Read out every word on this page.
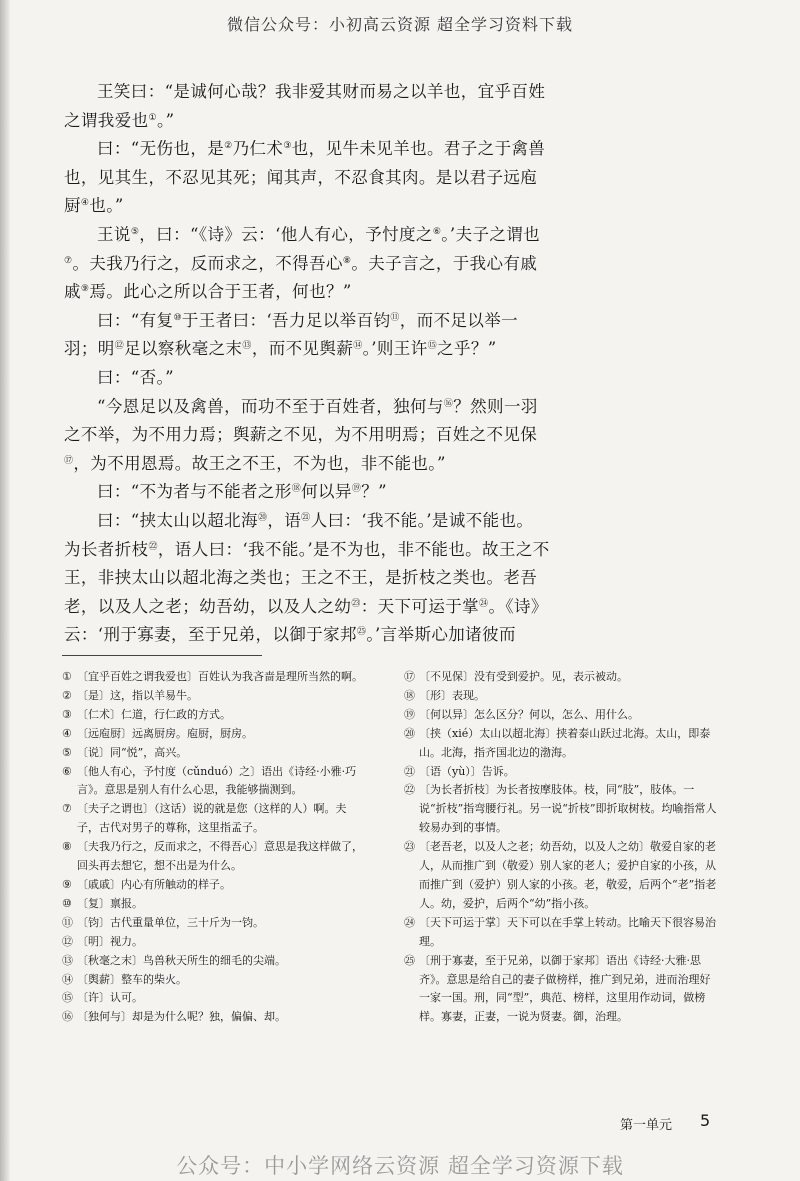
微信公众号：小初高云资源 超全学习资料下载

王笑曰：“是诚何心哉？我非爱其财而易之以羊也，宜乎百姓之谓我爱也①。”

曰：“无伤也，是②乃仁术③也，见牛未见羊也。君子之于禽兽也，见其生，不忍见其死；闻其声，不忍食其肉。是以君子远庖厨④也。”

王说⑤，曰：“《诗》云：‘他人有心，予忖度之⑥。’夫子之谓也⑦。夫我乃行之，反而求之，不得吾心⑧。夫子言之，于我心有戚戚⑨焉。此心之所以合于王者，何也？”

曰：“有复⑩于王者曰：‘吾力足以举百钧⑪，而不足以举一羽；明⑫足以察秋毫之末⑬，而不见舆薪⑭。’则王许⑮之乎？”

曰：“否。”

“今恩足以及禽兽，而功不至于百姓者，独何与⑯？然则一羽之不举，为不用力焉；舆薪之不见，为不用明焉；百姓之不见保⑰，为不用恩焉。故王之不王，不为也，非不能也。”

曰：“不为者与不能者之形⑱何以异⑲？”

曰：“挟太山以超北海⑳，语$^㉑$人曰：‘我不能。’是诚不能也。为长者折枝$^㉒$，语人曰：‘我不能。’是不为也，非不能也。故王之不王，非挟太山以超北海之类也；王之不王，是折枝之类也。老吾老，以及人之老；幼吾幼，以及人之幼$^㉓$：天下可运于掌$^㉔$。《诗》云：‘刑于寡妻，至于兄弟，以御于家邦$^㉕$。’言举斯心加诸彼而

① 〔宜乎百姓之谓我爱也〕百姓认为我吝啬是理所当然的啊。
② 〔是〕这，指以羊易牛。
③ 〔仁术〕仁道，行仁政的方式。
④ 〔远庖厨〕远离厨房。庖厨，厨房。
⑤ 〔说〕同“悦”，高兴。
⑥ 〔他人有心，予忖度（cǔnduó）之〕语出《诗经·小雅·巧言》。意思是别人有什么心思，我能够揣测到。
⑦ 〔夫子之谓也〕（这话）说的就是您（这样的人）啊。夫子，古代对男子的尊称，这里指孟子。
⑧ 〔夫我乃行之，反而求之，不得吾心〕意思是我这样做了，回头再去想它，想不出是为什么。
⑨ 〔戚戚〕内心有所触动的样子。
⑩ 〔复〕禀报。
⑪ 〔钧〕古代重量单位，三十斤为一钧。
⑫ 〔明〕视力。
⑬ 〔秋毫之末〕鸟兽秋天所生的细毛的尖端。
⑭ 〔舆薪〕整车的柴火。
⑮ 〔许〕认可。
⑯ 〔独何与〕却是为什么呢？独，偏偏、却。
⑰ 〔不见保〕没有受到爱护。见，表示被动。
⑱ 〔形〕表现。
⑲ 〔何以异〕怎么区分？何以，怎么、用什么。
⑳ 〔挟（xié）太山以超北海〕挟着泰山跃过北海。太山，即泰山。北海，指齐国北边的渤海。
㉑ 〔语（yù）〕告诉。
㉒ 〔为长者折枝〕为长者按摩肢体。枝，同“肢”，肢体。一说“折枝”指弯腰行礼。另一说“折枝”即折取树枝。均喻指常人较易办到的事情。
㉓ 〔老吾老，以及人之老；幼吾幼，以及人之幼〕敬爱自家的老人，从而推广到（敬爱）别人家的老人；爱护自家的小孩，从而推广到（爱护）别人家的小孩。老，敬爱，后两个“老”指老人。幼，爱护，后两个“幼”指小孩。
㉔ 〔天下可运于掌〕天下可以在手掌上转动。比喻天下很容易治理。
㉕ 〔刑于寡妻，至于兄弟，以御于家邦〕语出《诗经·大雅·思齐》。意思是给自己的妻子做榜样，推广到兄弟，进而治理好一家一国。刑，同“型”，典范、榜样，这里用作动词，做榜样。寡妻，正妻，一说为贤妻。御，治理。
第一单元 5
公众号：中小学网络云资源 超全学习资源下载
